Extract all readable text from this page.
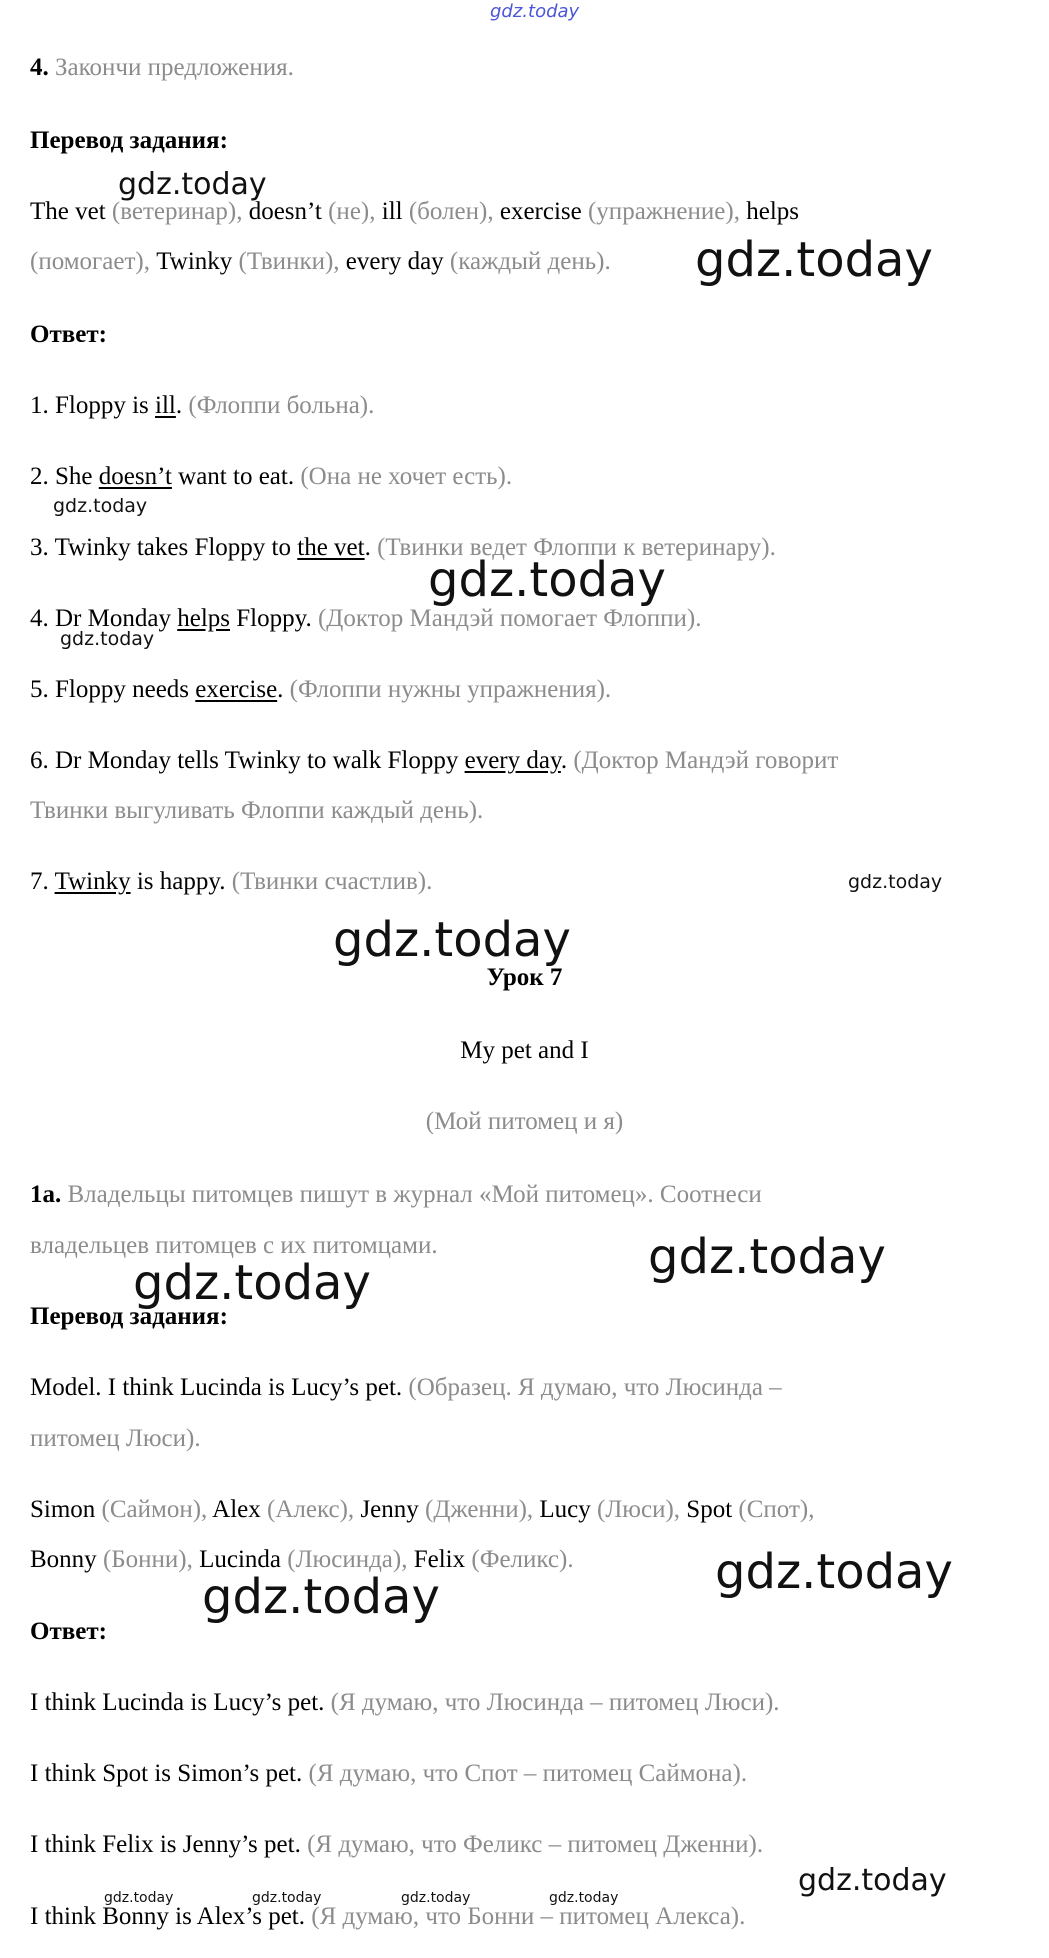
gdz.today
4. Закончи предложения.
Перевод задания:
The vet (ветеринар), doesn’t (не), ill (болен), exercise (упражнение), helps
(помогает), Twinky (Твинки), every day (каждый день).
Ответ:
1. Floppy is ill. (Флоппи больна).
2. She doesn’t want to eat. (Она не хочет есть).
3. Twinky takes Floppy to the vet. (Твинки ведет Флоппи к ветеринару).
4. Dr Monday helps Floppy. (Доктор Мандэй помогает Флоппи).
5. Floppy needs exercise. (Флоппи нужны упражнения).
6. Dr Monday tells Twinky to walk Floppy every day. (Доктор Мандэй говорит
Твинки выгуливать Флоппи каждый день).
7. Twinky is happy. (Твинки счастлив).
Урок 7
My pet and I
(Мой питомец и я)
1a. Владельцы питомцев пишут в журнал «Мой питомец». Соотнеси
владельцев питомцев с их питомцами.
Перевод задания:
Model. I think Lucinda is Lucy’s pet. (Образец. Я думаю, что Люсинда –
питомец Люси).
Simon (Саймон), Alex (Алекс), Jenny (Дженни), Lucy (Люси), Spot (Спот),
Bonny (Бонни), Lucinda (Люсинда), Felix (Феликс).
Ответ:
I think Lucinda is Lucy’s pet. (Я думаю, что Люсинда – питомец Люси).
I think Spot is Simon’s pet. (Я думаю, что Спот – питомец Саймона).
I think Felix is Jenny’s pet. (Я думаю, что Феликс – питомец Дженни).
I think Bonny is Alex’s pet. (Я думаю, что Бонни – питомец Алекса).
gdz.today
gdz.today
gdz.today
gdz.today
gdz.today
gdz.today
gdz.today
gdz.today
gdz.today
gdz.today
gdz.today
gdz.today
gdz.today	gdz.today	gdz.today	gdz.today
